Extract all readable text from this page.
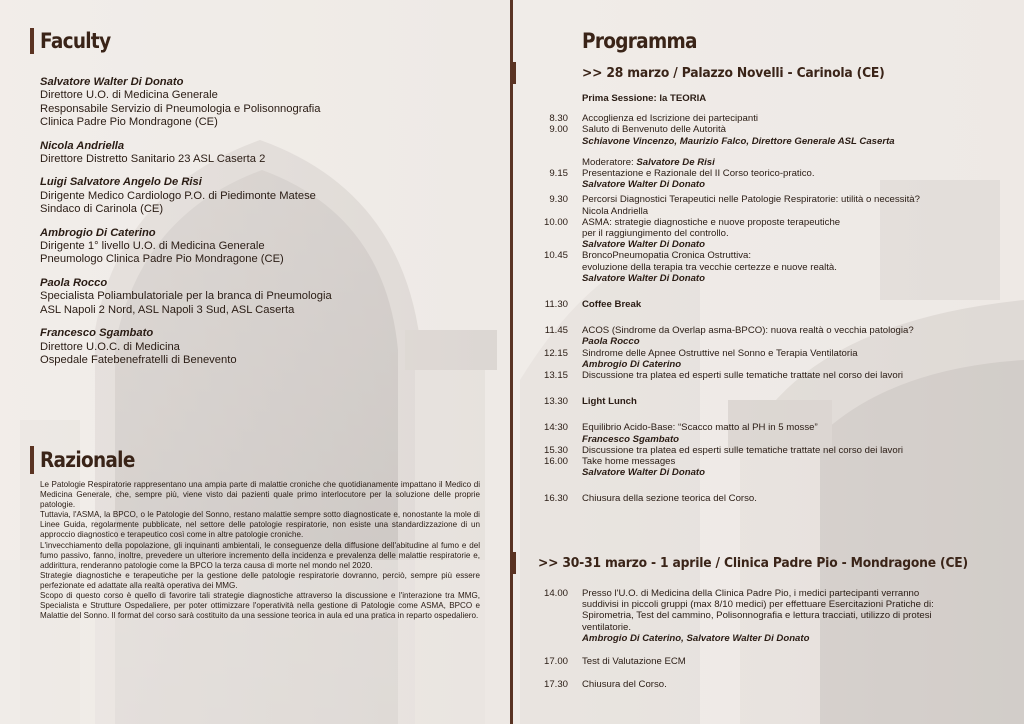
Faculty
Salvatore Walter Di Donato
Direttore U.O. di Medicina Generale
Responsabile Servizio di Pneumologia e Polisonnografia
Clinica Padre Pio Mondragone (CE)
Nicola Andriella
Direttore Distretto Sanitario 23 ASL Caserta 2
Luigi Salvatore Angelo De Risi
Dirigente Medico Cardiologo P.O. di Piedimonte Matese
Sindaco di Carinola (CE)
Ambrogio Di Caterino
Dirigente 1° livello U.O. di Medicina Generale
Pneumologo Clinica Padre Pio Mondragone (CE)
Paola Rocco
Specialista Poliambulatoriale per la branca di Pneumologia
ASL Napoli 2 Nord, ASL Napoli 3 Sud, ASL Caserta
Francesco Sgambato
Direttore U.O.C. di Medicina
Ospedale Fatebenefratelli di Benevento
Razionale

Le Patologie Respiratorie rappresentano una ampia parte di malattie croniche che quotidianamente impattano il Medico di Medicina Generale, che, sempre più, viene visto dai pazienti quale primo interlocutore per la soluzione delle proprie patologie.

Tuttavia, l'ASMA, la BPCO, o le Patologie del Sonno, restano malattie sempre sotto diagnosticate e, nonostante la mole di Linee Guida, regolarmente pubblicate, nel settore delle patologie respiratorie, non esiste una standardizzazione di un approccio diagnostico e terapeutico così come in altre patologie croniche.

L'invecchiamento della popolazione, gli inquinanti ambientali, le conseguenze della diffusione dell'abitudine al fumo e del fumo passivo, fanno, inoltre, prevedere un ulteriore incremento della incidenza e prevalenza delle malattie respiratorie e, addirittura, renderanno patologie come la BPCO la terza causa di morte nel mondo nel 2020.

Strategie diagnostiche e terapeutiche per la gestione delle patologie respiratorie dovranno, perciò, sempre più essere perfezionate ed adattate alla realtà operativa dei MMG.

Scopo di questo corso è quello di favorire tali strategie diagnostiche attraverso la discussione e l'interazione tra MMG, Specialista e Strutture Ospedaliere, per poter ottimizzare l'operatività nella gestione di Patologie come ASMA, BPCO e Malattie del Sonno. Il format del corso sarà costituito da una sessione teorica in aula ed una pratica in reparto ospedaliero.

Programma
>> 28 marzo / Palazzo Novelli - Carinola (CE)
Prima Sessione: la TEORIA
8.30	Accoglienza ed Iscrizione dei partecipanti
9.00	Saluto di Benvenuto delle Autorità
Schiavone Vincenzo, Maurizio Falco, Direttore Generale ASL Caserta
Moderatore: Salvatore De Risi
9.15	Presentazione e Razionale del II Corso teorico-pratico.
Salvatore Walter Di Donato
9.30	Percorsi Diagnostici Terapeutici nelle Patologie Respiratorie: utilità o necessità?
Nicola Andriella
10.00	ASMA: strategie diagnostiche e nuove proposte terapeutiche
per il raggiungimento del controllo.
Salvatore Walter Di Donato
10.45	BroncoPneumopatia Cronica Ostruttiva:
evoluzione della terapia tra vecchie certezze e nuove realtà.
Salvatore Walter Di Donato
11.30	Coffee Break
11.45	ACOS (Sindrome da Overlap asma-BPCO): nuova realtà o vecchia patologia?
Paola Rocco
12.15	Sindrome delle Apnee Ostruttive nel Sonno e Terapia Ventilatoria
Ambrogio Di Caterino
13.15	Discussione tra platea ed esperti sulle tematiche trattate nel corso dei lavori
13.30	Light Lunch
14:30	Equilibrio Acido-Base: “Scacco matto al PH in 5 mosse”
Francesco Sgambato
15.30	Discussione tra platea ed esperti sulle tematiche trattate nel corso dei lavori
16.00	Take home messages
Salvatore Walter Di Donato
16.30	Chiusura della sezione teorica del Corso.
>> 30-31 marzo - 1 aprile / Clinica Padre Pio - Mondragone (CE)
14.00	Presso l'U.O. di Medicina della Clinica Padre Pio, i medici partecipanti verranno
suddivisi in piccoli gruppi (max 8/10 medici) per effettuare Esercitazioni Pratiche di:
Spirometria, Test del cammino, Polisonnografia e lettura tracciati, utilizzo di protesi
ventilatorie.
Ambrogio Di Caterino, Salvatore Walter Di Donato
17.00	Test di Valutazione ECM
17.30	Chiusura del Corso.
